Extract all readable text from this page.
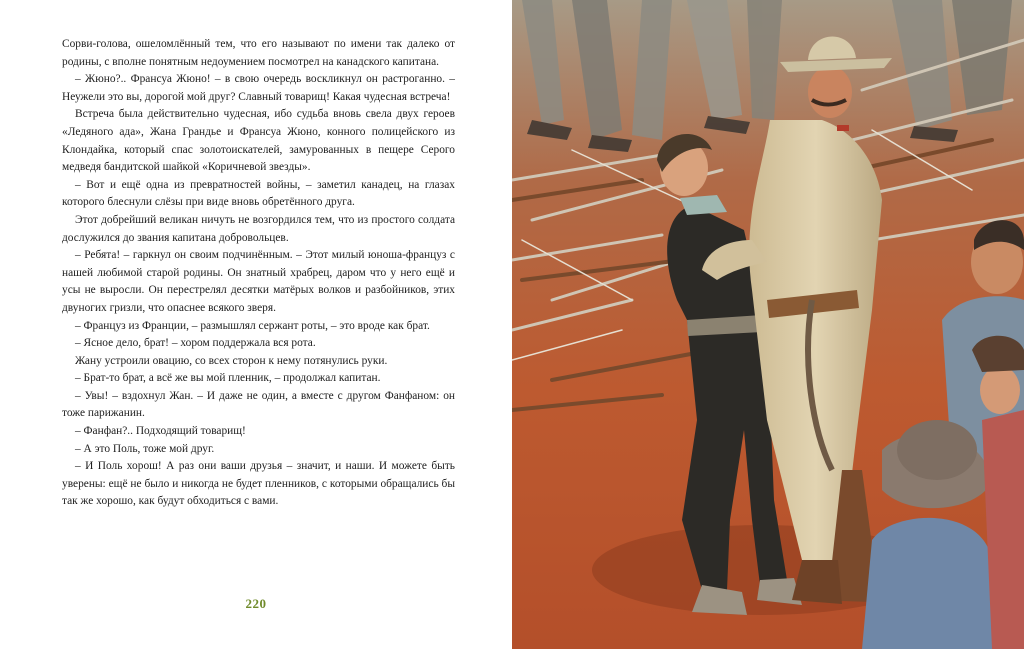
Сорви-голова, ошеломлённый тем, что его называют по имени так далеко от родины, с вполне понятным недоумением посмотрел на канадского капитана.

– Жюно?.. Франсуа Жюно! – в свою очередь воскликнул он растроганно. – Неужели это вы, дорогой мой друг? Славный товарищ! Какая чудесная встреча!

Встреча была действительно чудесная, ибо судьба вновь свела двух героев «Ледяного ада», Жана Грандье и Франсуа Жюно, конного полицейского из Клондайка, который спас золотоискателей, замурованных в пещере Серого медведя бандитской шайкой «Коричневой звезды».

– Вот и ещё одна из превратностей войны, – заметил канадец, на глазах которого блеснули слёзы при виде вновь обретённого друга.

Этот добрейший великан ничуть не возгордился тем, что из простого солдата дослужился до звания капитана добровольцев.

– Ребята! – гаркнул он своим подчинённым. – Этот милый юноша-француз с нашей любимой старой родины. Он знатный храбрец, даром что у него ещё и усы не выросли. Он перестрелял десятки матёрых волков и разбойников, этих двуногих гризли, что опаснее всякого зверя.

– Француз из Франции, – размышлял сержант роты, – это вроде как брат.

– Ясное дело, брат! – хором поддержала вся рота.

Жану устроили овацию, со всех сторон к нему потянулись руки.

– Брат-то брат, а всё же вы мой пленник, – продолжал капитан.

– Увы! – вздохнул Жан. – И даже не один, а вместе с другом Фанфаном: он тоже парижанин.

– Фанфан?.. Подходящий товарищ!

– А это Поль, тоже мой друг.

– И Поль хорош! А раз они ваши друзья – значит, и наши. И можете быть уверены: ещё не было и никогда не будет пленников, с которыми обращались бы так же хорошо, как будут обходиться с вами.

220
